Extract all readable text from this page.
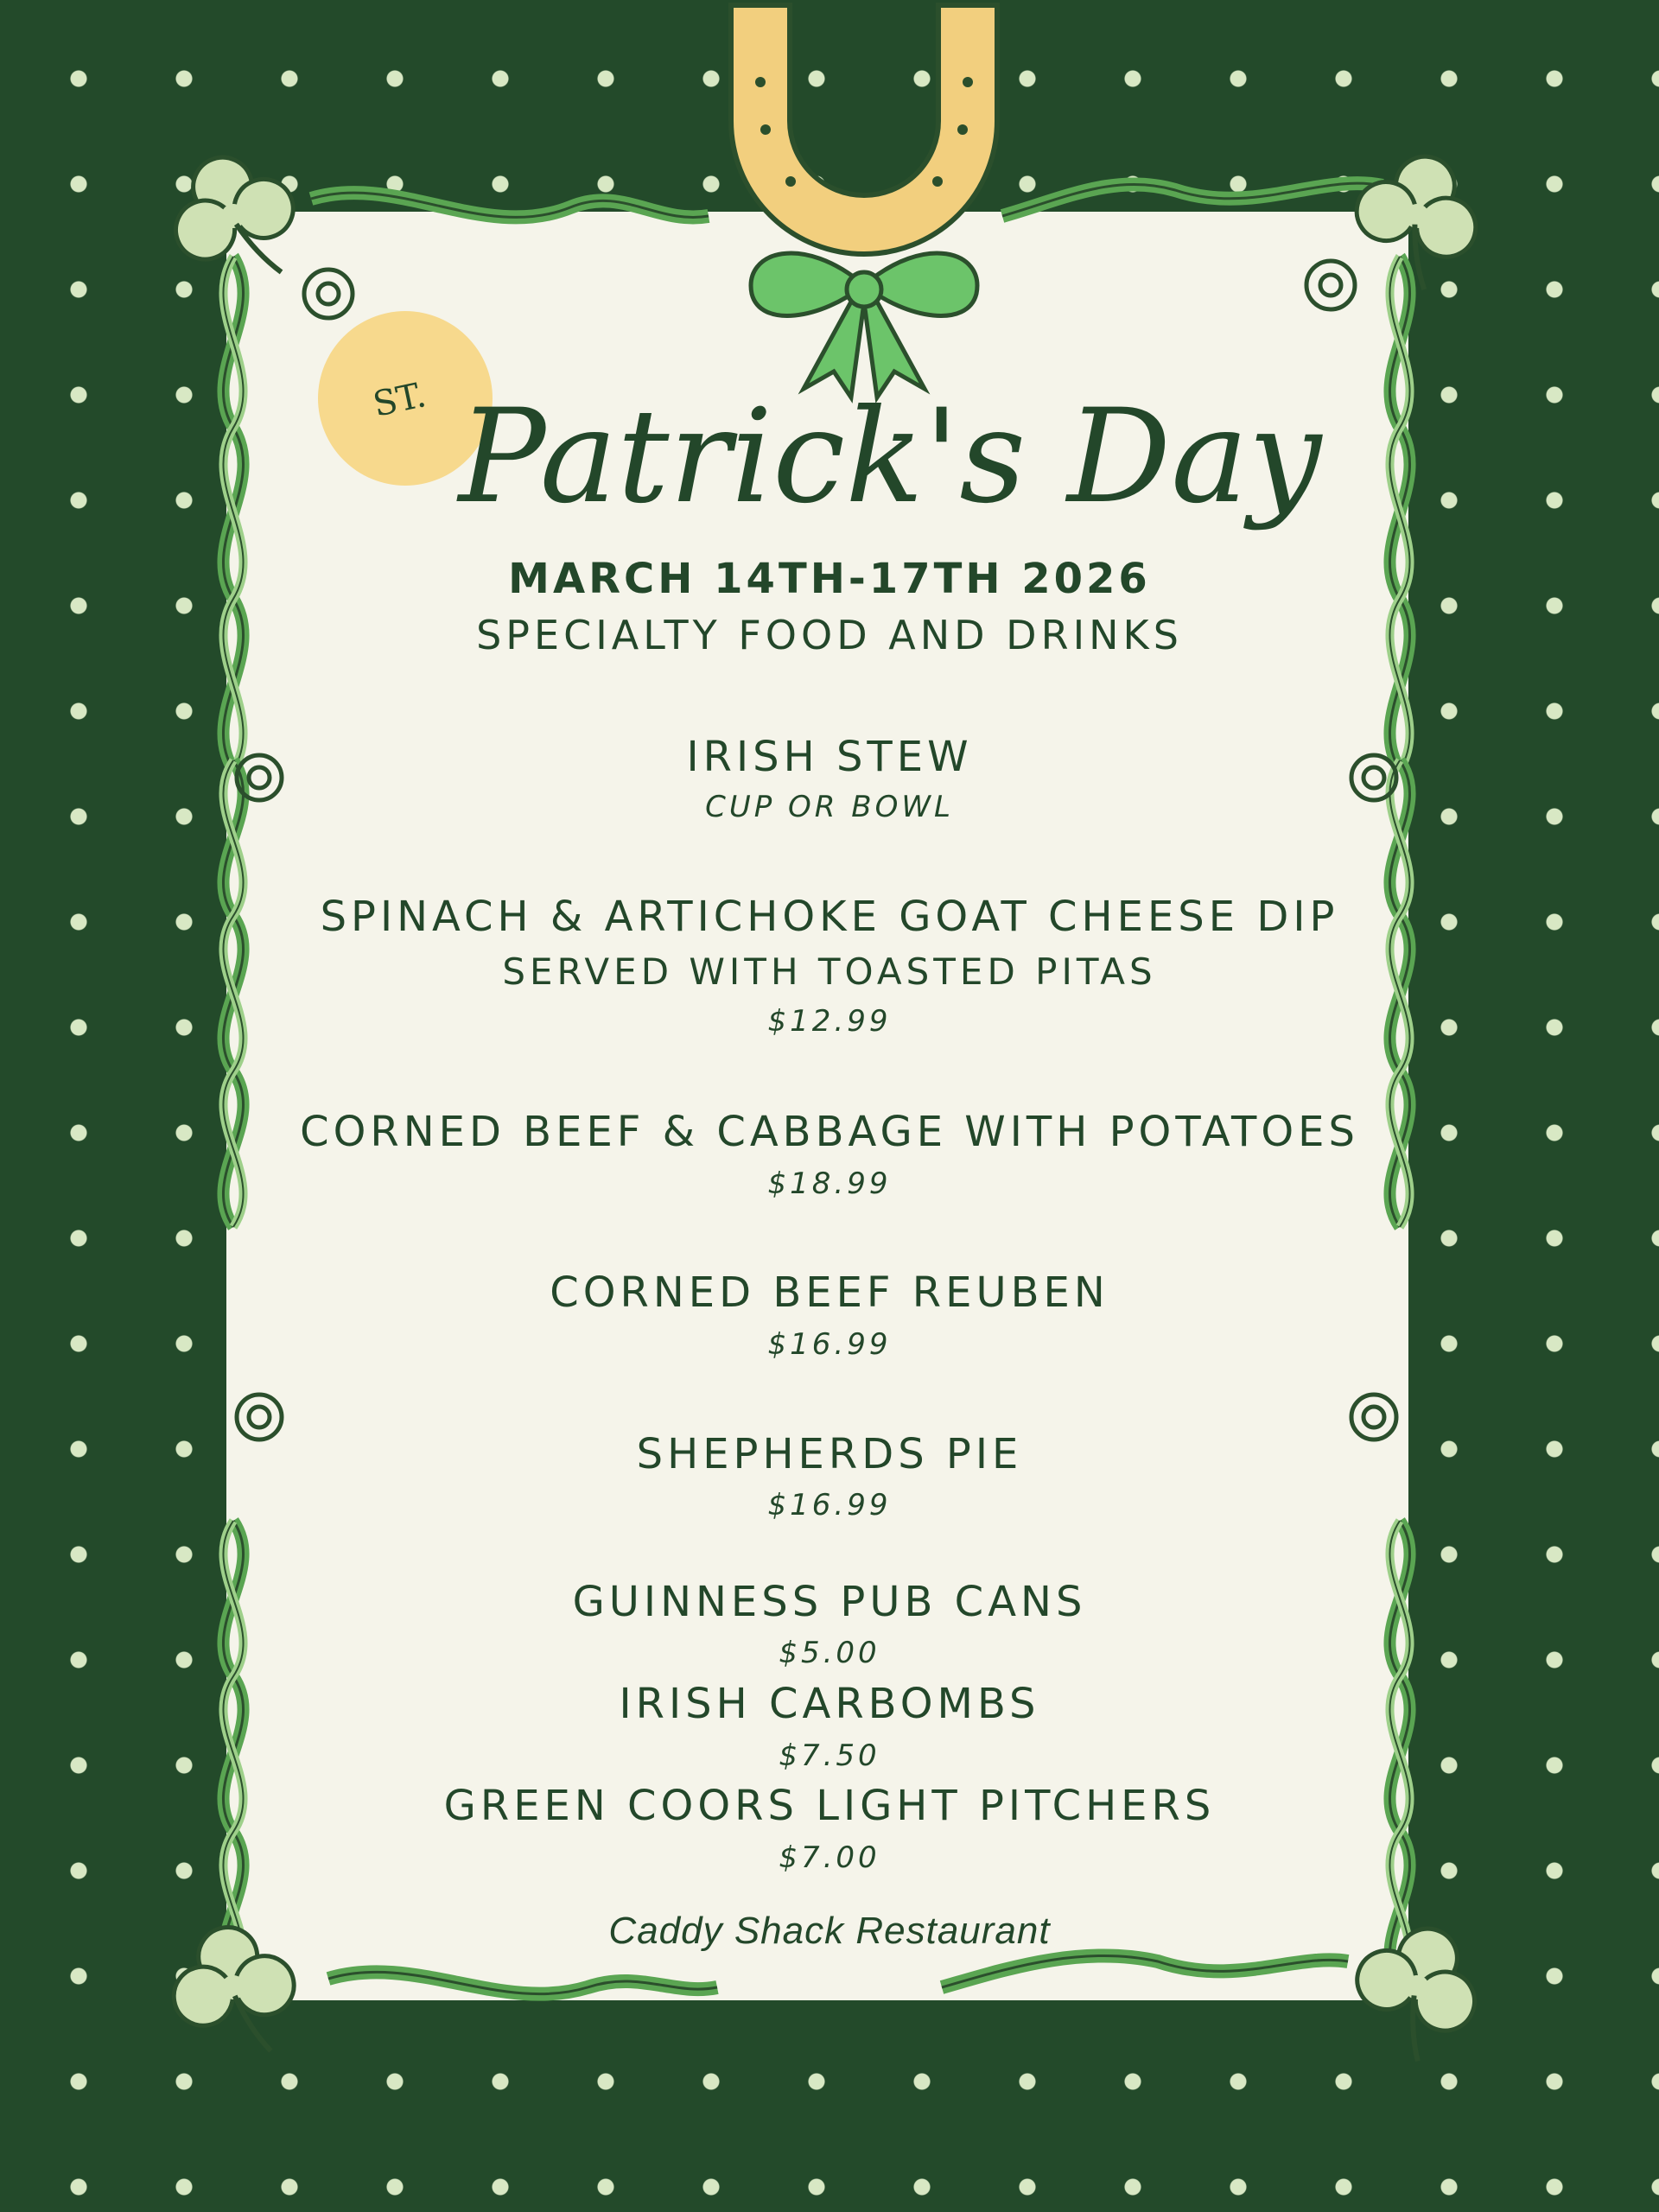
ST. Patrick's Day
MARCH 14TH-17TH 2026
SPECIALTY FOOD AND DRINKS
IRISH STEW
CUP OR BOWL
SPINACH & ARTICHOKE GOAT CHEESE DIP
SERVED WITH TOASTED PITAS
$12.99
CORNED BEEF & CABBAGE WITH POTATOES
$18.99
CORNED BEEF REUBEN
$16.99
SHEPHERDS PIE
$16.99
GUINNESS PUB CANS
$5.00
IRISH CARBOMBS
$7.50
GREEN COORS LIGHT PITCHERS
$7.00
Caddy Shack Restaurant
